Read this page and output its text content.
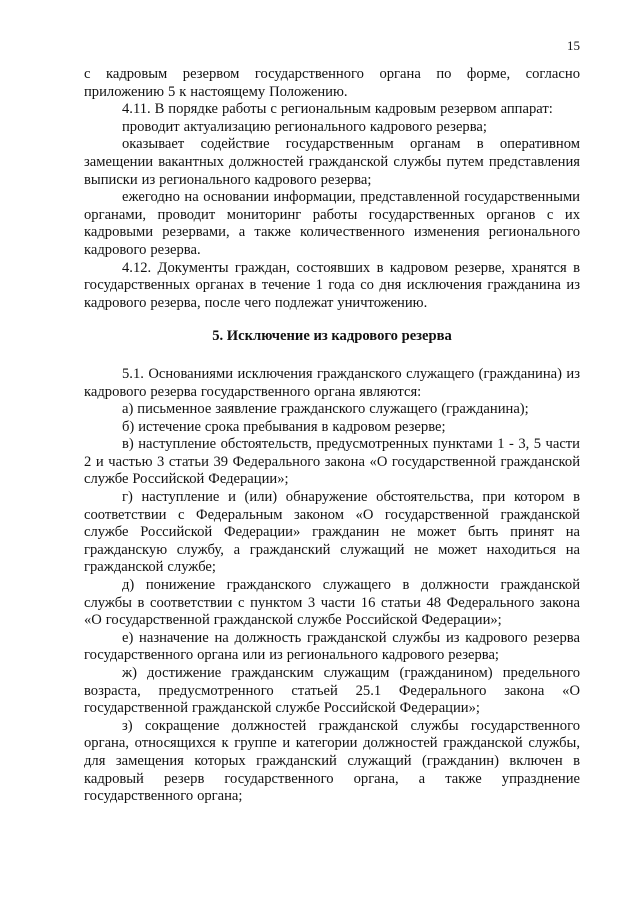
15

с кадровым резервом государственного органа по форме, согласно приложению 5 к настоящему Положению.

4.11. В порядке работы с региональным кадровым резервом аппарат:

проводит актуализацию регионального кадрового резерва;

оказывает содействие государственным органам в оперативном замещении вакантных должностей гражданской службы путем представления выписки из регионального кадрового резерва;

ежегодно на основании информации, представленной государственными органами, проводит мониторинг работы государственных органов с их кадровыми резервами, а также количественного изменения регионального кадрового резерва.

4.12. Документы граждан, состоявших в кадровом резерве, хранятся в государственных органах в течение 1 года со дня исключения гражданина из кадрового резерва, после чего подлежат уничтожению.

5. Исключение из кадрового резерва

5.1. Основаниями исключения гражданского служащего (гражданина) из кадрового резерва государственного органа являются:

а) письменное заявление гражданского служащего (гражданина);

б) истечение срока пребывания в кадровом резерве;

в) наступление обстоятельств, предусмотренных пунктами 1 - 3, 5 части 2 и частью 3 статьи 39 Федерального закона «О государственной гражданской службе Российской Федерации»;

г) наступление и (или) обнаружение обстоятельства, при котором в соответствии с Федеральным законом «О государственной гражданской службе Российской Федерации» гражданин не может быть принят на гражданскую службу, а гражданский служащий не может находиться на гражданской службе;

д) понижение гражданского служащего в должности гражданской службы в соответствии с пунктом 3 части 16 статьи 48 Федерального закона «О государственной гражданской службе Российской Федерации»;

е) назначение на должность гражданской службы из кадрового резерва государственного органа или из регионального кадрового резерва;

ж) достижение гражданским служащим (гражданином) предельного возраста, предусмотренного статьей 25.1 Федерального закона «О государственной гражданской службе Российской Федерации»;

з) сокращение должностей гражданской службы государственного органа, относящихся к группе и категории должностей гражданской службы, для замещения которых гражданский служащий (гражданин) включен в кадровый резерв государственного органа, а также упразднение государственного органа;
